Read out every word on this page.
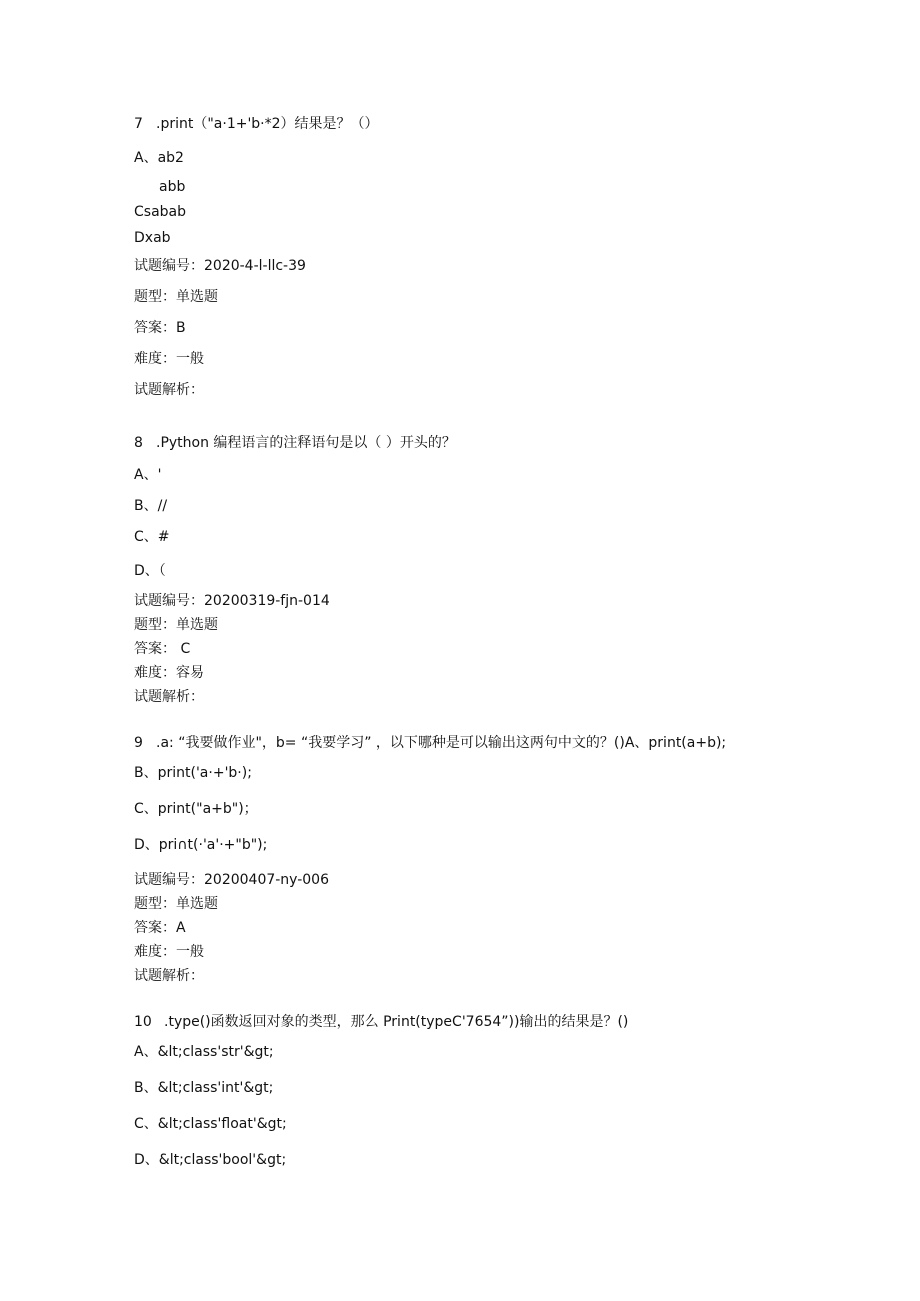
7 .print（"a·1+'b·*2）结果是？（）
A、ab2
abb
Csabab
Dxab
试题编号：2020-4-l-llc-39
题型：单选题
答案：B
难度：一般
试题解析：
8 .Python 编程语言的注释语句是以（ ）开头的？
A、'
B、//
C、#
D、（
试题编号：20200319-fjn-014
题型：单选题
答案： C
难度：容易
试题解析：
9 .a: “我要做作业"，b= “我要学习” ，以下哪种是可以输出这两句中文的？()A、print(a+b);
B、print('a·+'b·);
C、print("a+b")；
D、pri∩t(·'a'·+"b");
试题编号：20200407-ny-006
题型：单选题
答案：A
难度：一般
试题解析：
10 .type()函数返回对象的类型，那么 Print(typeC'7654”))输出的结果是？()
A、&lt;class'str'&gt;
B、&lt;class'int'&gt;
C、&lt;class'float'&gt;
D、&lt;class'bool'&gt;
